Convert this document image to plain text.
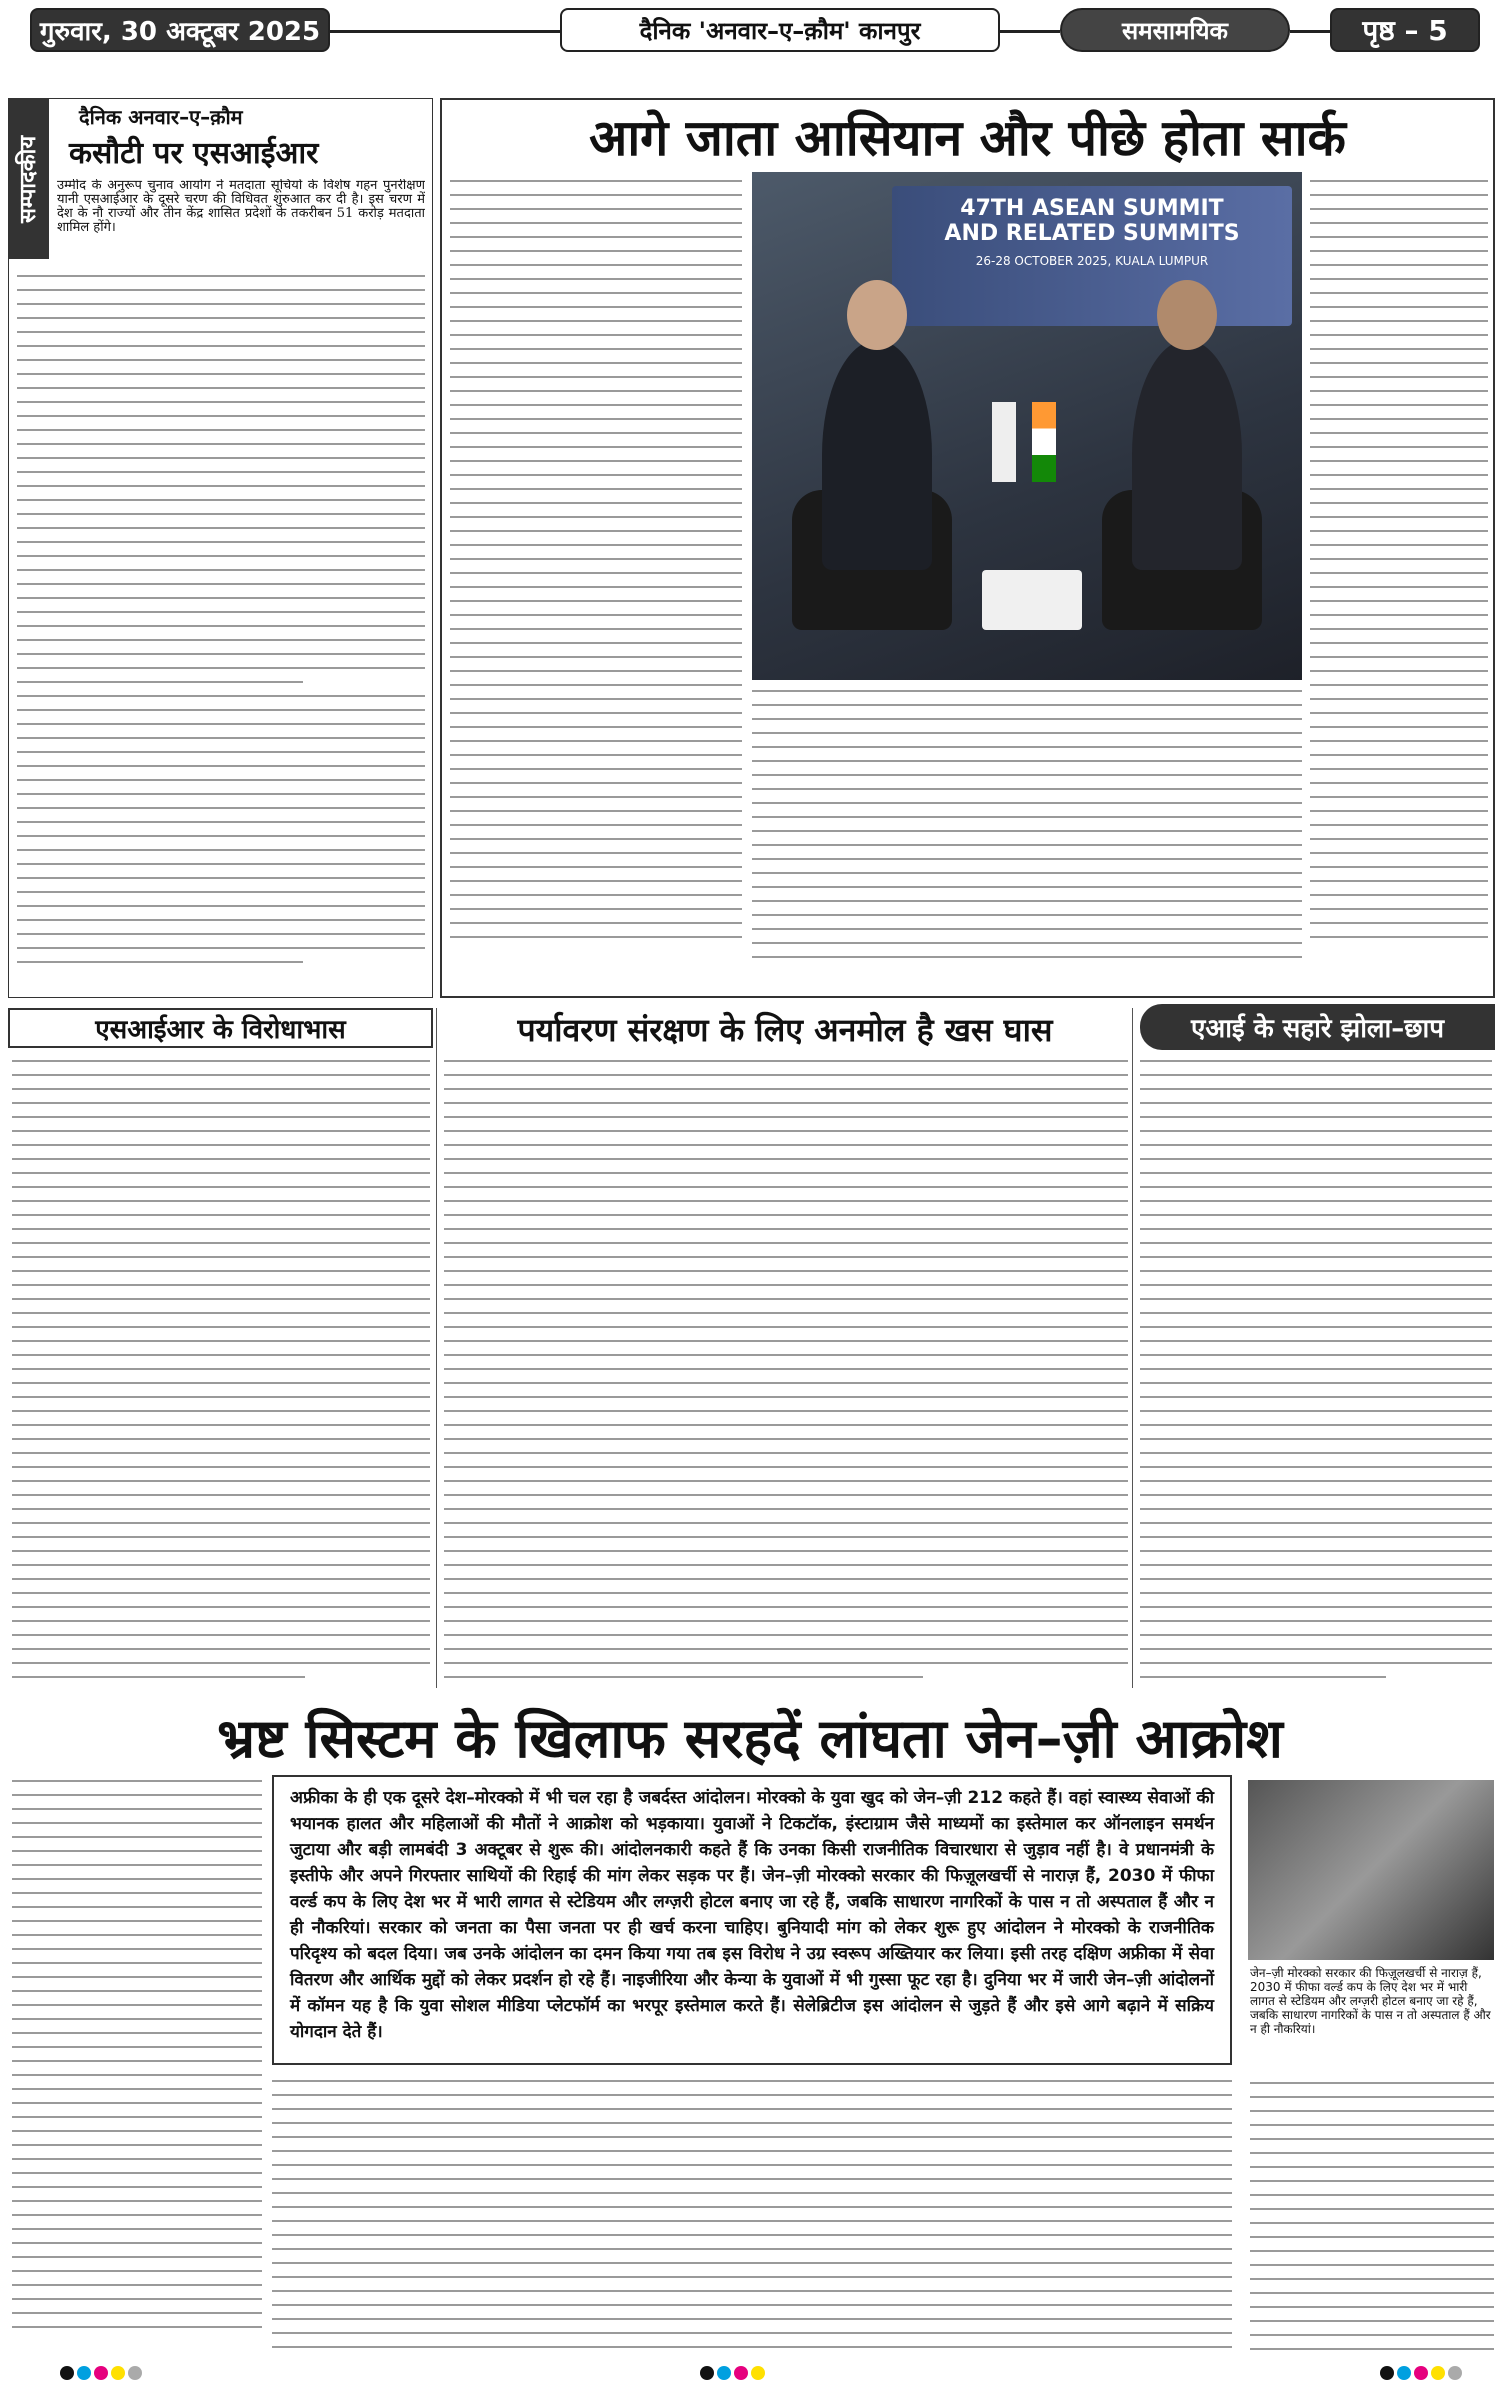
गुरुवार, 30 अक्टूबर 2025	दैनिक 'अनवार–ए–क़ौम' कानपुर	समसामयिक	पृष्ठ – 5
सम्पादकीय
दैनिक अनवार–ए–क़ौम
कसौटी पर एसआईआर
उम्मीद के अनुरूप चुनाव आयोग ने मतदाता सूचियों के विशेष गहन पुनरीक्षण यानी एसआईआर के दूसरे चरण की विधिवत शुरुआत कर दी है। इस चरण में देश के नौ राज्यों और तीन केंद्र शासित प्रदेशों के तकरीबन 51 करोड़ मतदाता शामिल होंगे।
आगे जाता आसियान और पीछे होता सार्क
47TH ASEAN SUMMIT
AND RELATED SUMMITS
26-28 OCTOBER 2025, KUALA LUMPUR
एसआईआर के विरोधाभास	पर्यावरण संरक्षण के लिए अनमोल है खस घास	एआई के सहारे झोला–छाप
भ्रष्ट सिस्टम के खिलाफ सरहदें लांघता जेन–ज़ी आक्रोश
अफ्रीका के ही एक दूसरे देश–मोरक्को में भी चल रहा है जबर्दस्त आंदोलन। मोरक्को के युवा खुद को जेन–ज़ी 212 कहते हैं। वहां स्वास्थ्य सेवाओं की भयानक हालत और महिलाओं की मौतों ने आक्रोश को भड़काया। युवाओं ने टिकटॉक, इंस्टाग्राम जैसे माध्यमों का इस्तेमाल कर ऑनलाइन समर्थन जुटाया और बड़ी लामबंदी 3 अक्टूबर से शुरू की। आंदोलनकारी कहते हैं कि उनका किसी राजनीतिक विचारधारा से जुड़ाव नहीं है। वे प्रधानमंत्री के इस्तीफे और अपने गिरफ्तार साथियों की रिहाई की मांग लेकर सड़क पर हैं। जेन–ज़ी मोरक्को सरकार की फिज़ूलखर्ची से नाराज़ हैं, 2030 में फीफा वर्ल्ड कप के लिए देश भर में भारी लागत से स्टेडियम और लग्ज़री होटल बनाए जा रहे हैं, जबकि साधारण नागरिकों के पास न तो अस्पताल हैं और न ही नौकरियां। सरकार को जनता का पैसा जनता पर ही खर्च करना चाहिए। बुनियादी मांग को लेकर शुरू हुए आंदोलन ने मोरक्को के राजनीतिक परिदृश्य को बदल दिया। जब उनके आंदोलन का दमन किया गया तब इस विरोध ने उग्र स्वरूप अख्तियार कर लिया। इसी तरह दक्षिण अफ्रीका में सेवा वितरण और आर्थिक मुद्दों को लेकर प्रदर्शन हो रहे हैं। नाइजीरिया और केन्या के युवाओं में भी गुस्सा फूट रहा है। दुनिया भर में जारी जेन–ज़ी आंदोलनों में कॉमन यह है कि युवा सोशल मीडिया प्लेटफॉर्म का भरपूर इस्तेमाल करते हैं। सेलेब्रिटीज इस आंदोलन से जुड़ते हैं और इसे आगे बढ़ाने में सक्रिय योगदान देते हैं।
जेन–ज़ी मोरक्को सरकार की फिज़ूलखर्ची से नाराज़ हैं, 2030 में फीफा वर्ल्ड कप के लिए देश भर में भारी लागत से स्टेडियम और लग्ज़री होटल बनाए जा रहे हैं, जबकि साधारण नागरिकों के पास न तो अस्पताल हैं और न ही नौकरियां।
